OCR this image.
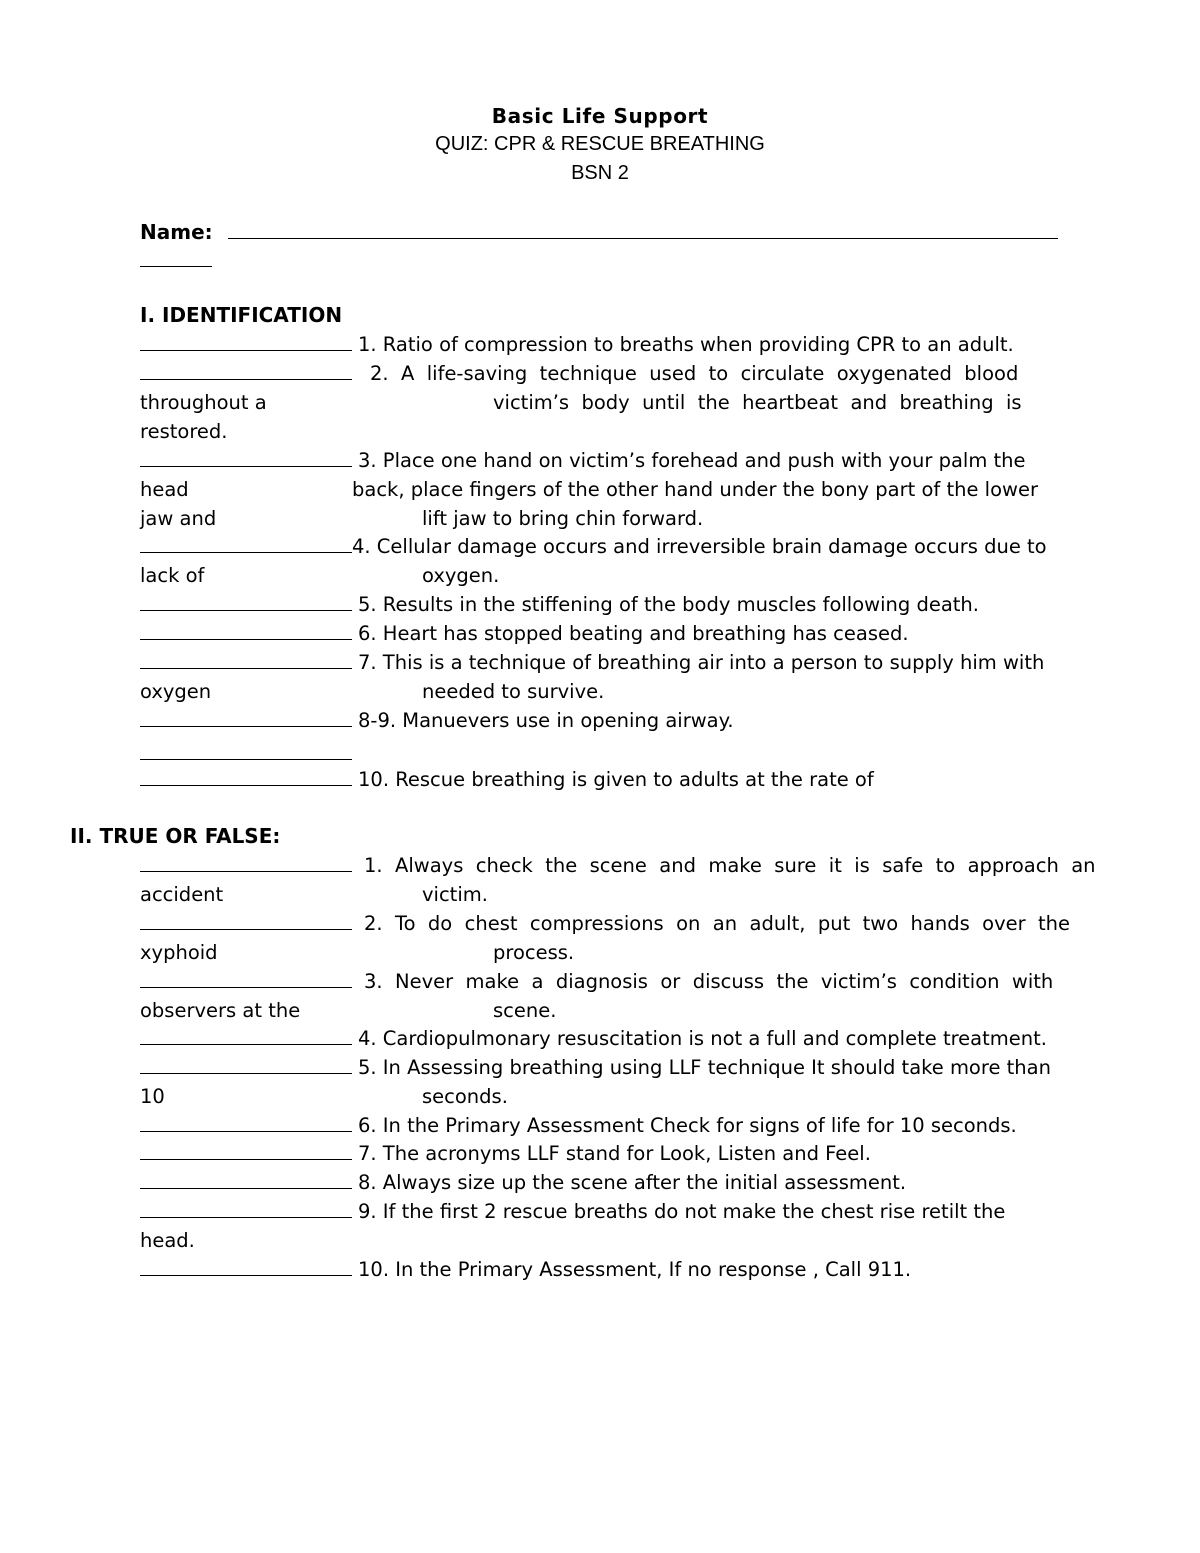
Basic Life Support
QUIZ: CPR & RESCUE BREATHING
BSN 2
Name:
I. IDENTIFICATION
1. Ratio of compression to breaths when providing CPR to an adult.
2.  A  life-saving  technique  used  to  circulate  oxygenated  blood
throughout a	victim’s  body  until  the  heartbeat  and  breathing  is
restored.
3. Place one hand on victim’s forehead and push with your palm the
head	back, place fingers of the other hand under the bony part of the lower
jaw and	lift jaw to bring chin forward.
4. Cellular damage occurs and irreversible brain damage occurs due to
lack of	oxygen.
5. Results in the stiffening of the body muscles following death.
6. Heart has stopped beating and breathing has ceased.
7. This is a technique of breathing air into a person to supply him with
oxygen	needed to survive.
8-9. Manuevers use in opening airway.
10. Rescue breathing is given to adults at the rate of
II. TRUE OR FALSE:
1.  Always  check  the  scene  and  make  sure  it  is  safe  to  approach  an
accident	victim.
2.  To  do  chest  compressions  on  an  adult,  put  two  hands  over  the
xyphoid	process.
3.  Never  make  a  diagnosis  or  discuss  the  victim’s  condition  with
observers at the	scene.
4. Cardiopulmonary resuscitation is not a full and complete treatment.
5. In Assessing breathing using LLF technique It should take more than
10	seconds.
6. In the Primary Assessment Check for signs of life for 10 seconds.
7. The acronyms LLF stand for Look, Listen and Feel.
8. Always size up the scene after the initial assessment.
9. If the first 2 rescue breaths do not make the chest rise retilt the
head.
10. In the Primary Assessment, If no response , Call 911.
